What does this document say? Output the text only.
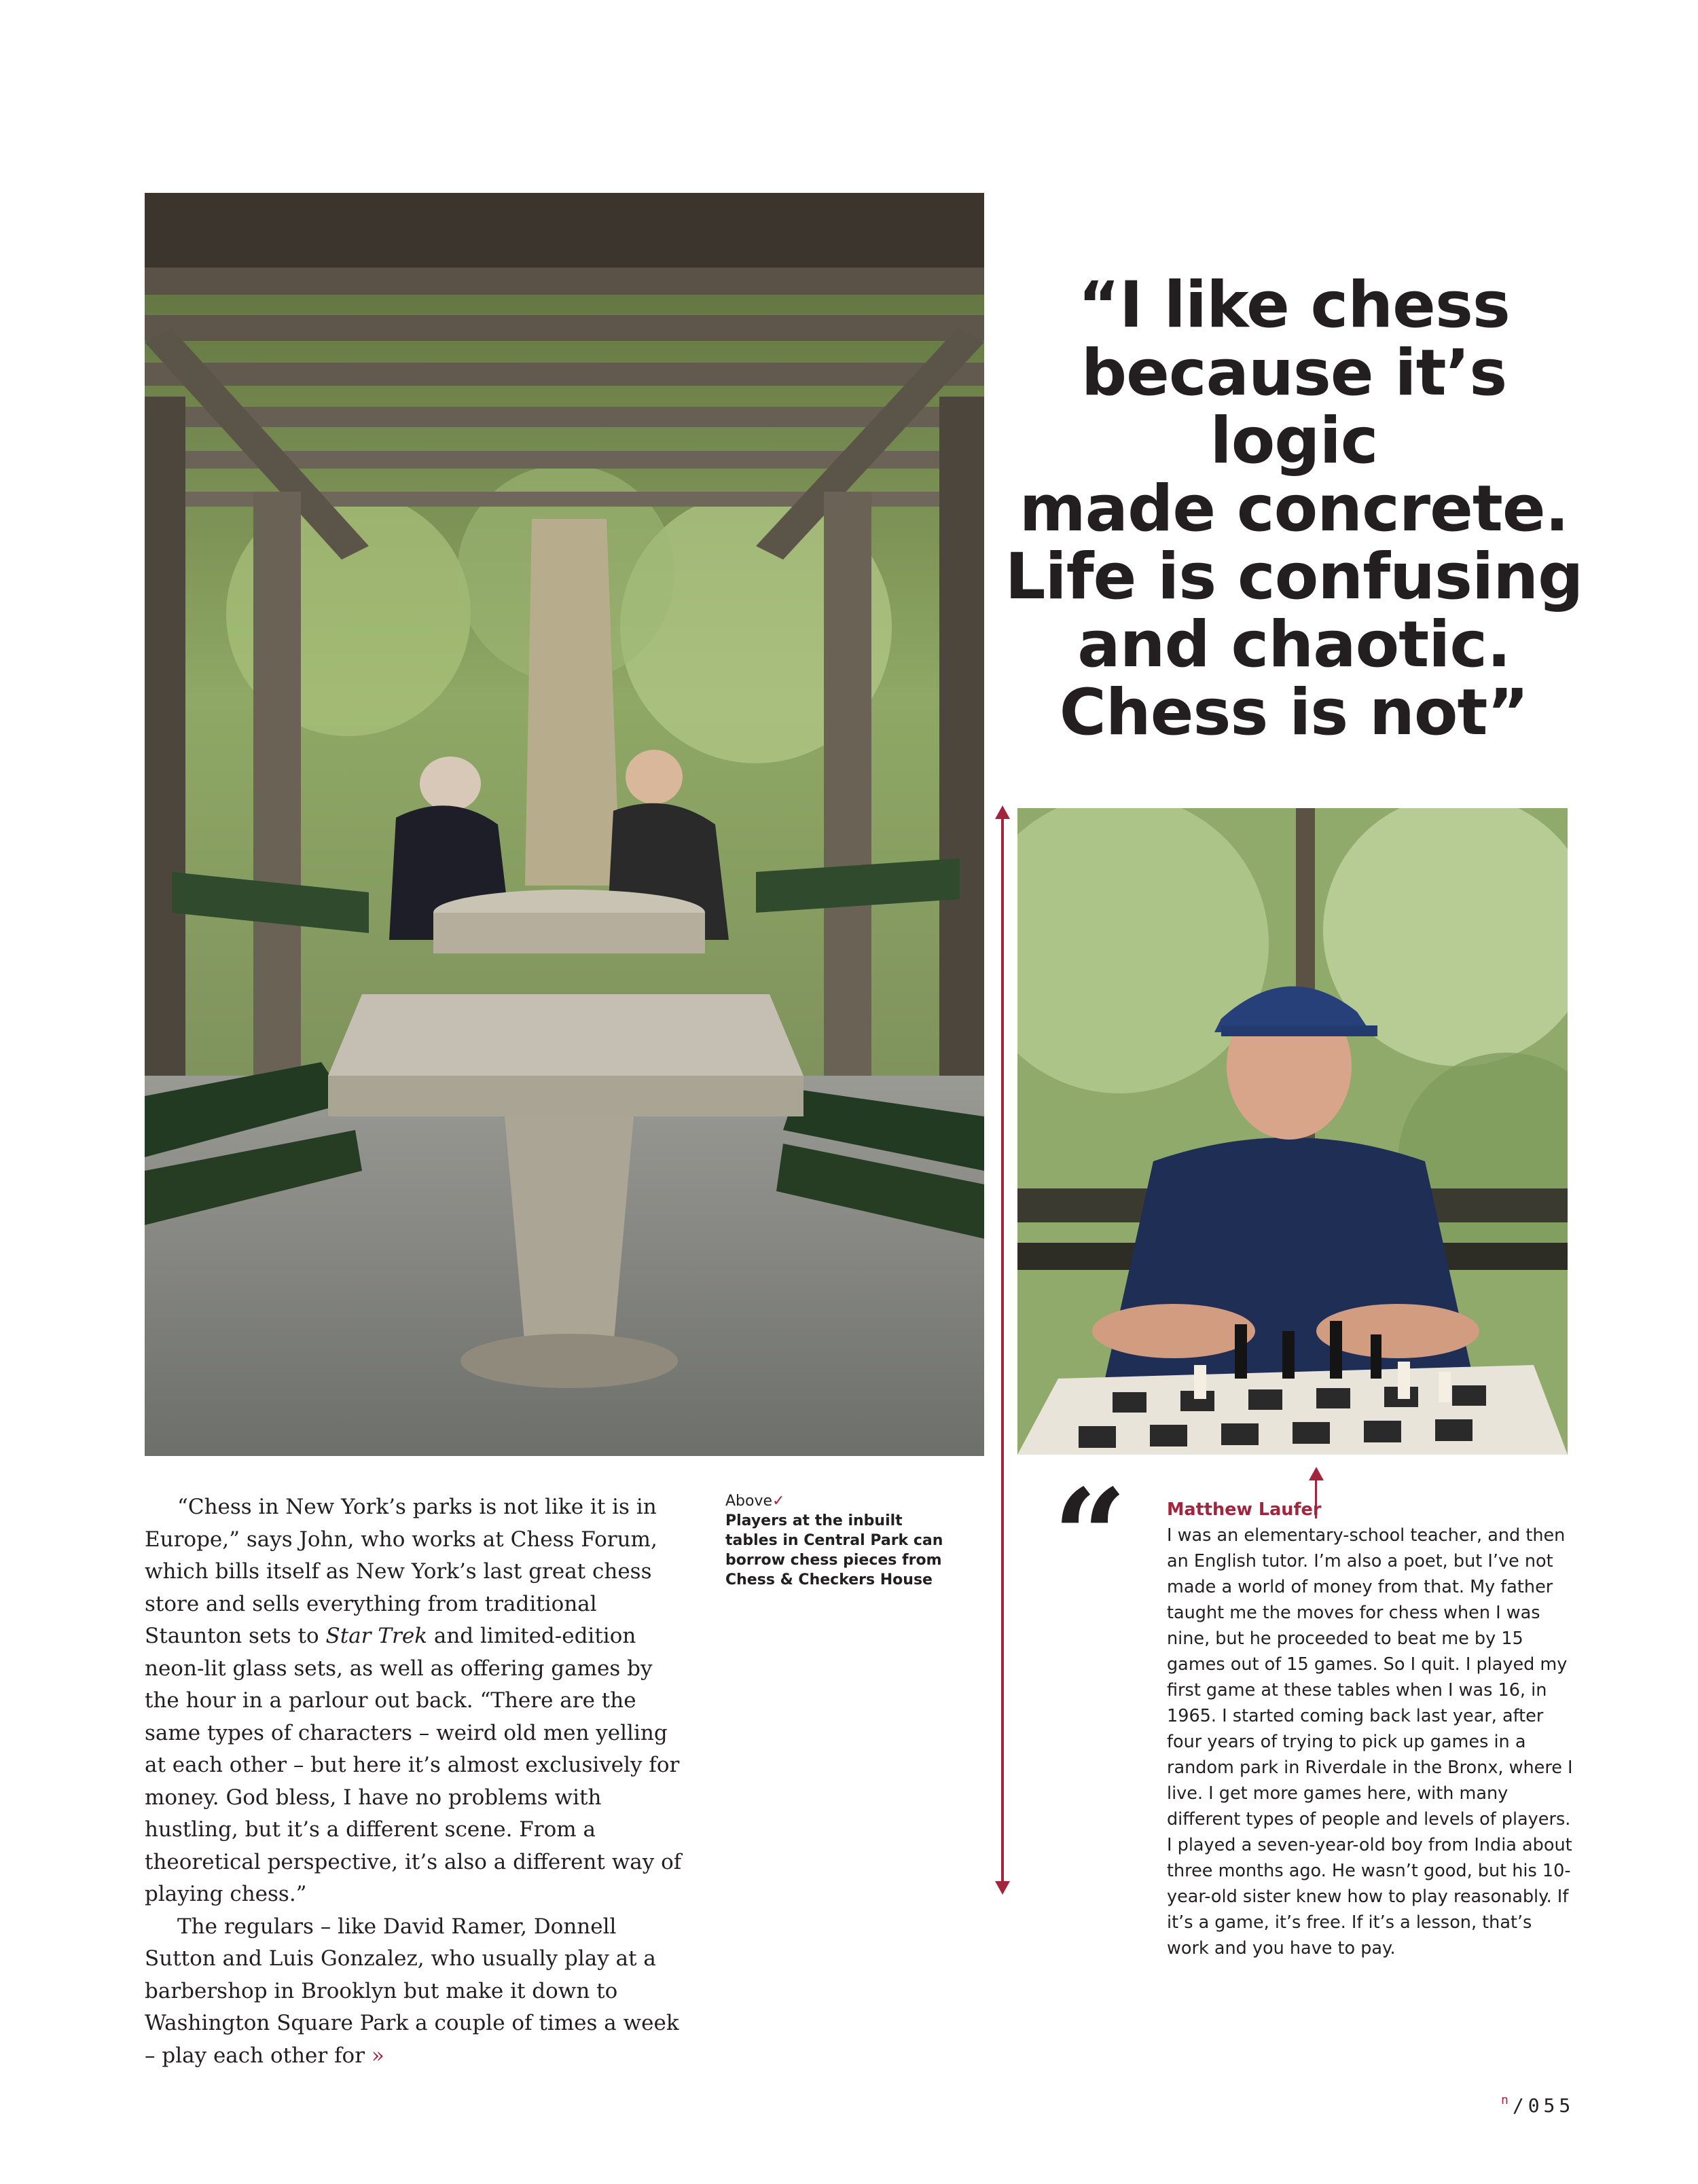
“I like chess
because it’s logic
made concrete.
Life is confusing
and chaotic.
Chess is not”

“Chess in New York’s parks is not like it is in Europe,” says John, who works at Chess Forum, which bills itself as New York’s last great chess store and sells everything from traditional Staunton sets to Star Trek and limited-edition neon-lit glass sets, as well as offering games by the hour in a parlour out back. “There are the same types of characters – weird old men yelling at each other – but here it’s almost exclusively for money. God bless, I have no problems with hustling, but it’s a different scene. From a theoretical perspective, it’s also a different way of playing chess.”

The regulars – like David Ramer, Donnell Sutton and Luis Gonzalez, who usually play at a barbershop in Brooklyn but make it down to Washington Square Park a couple of times a week – play each other for »

Above✓
Players at the inbuilt tables in Central Park can borrow chess pieces from Chess & Checkers House “ Matthew Laufer
I was an elementary-school teacher, and then an English tutor. I’m also a poet, but I’ve not made a world of money from that. My father taught me the moves for chess when I was nine, but he proceeded to beat me by 15 games out of 15 games. So I quit. I played my first game at these tables when I was 16, in 1965. I started coming back last year, after four years of trying to pick up games in a random park in Riverdale in the Bronx, where I live. I get more games here, with many different types of people and levels of players. I played a seven-year-old boy from India about three months ago. He wasn’t good, but his 10-year-old sister knew how to play reasonably. If it’s a game, it’s free. If it’s a lesson, that’s work and you have to pay.
$^n$/055
